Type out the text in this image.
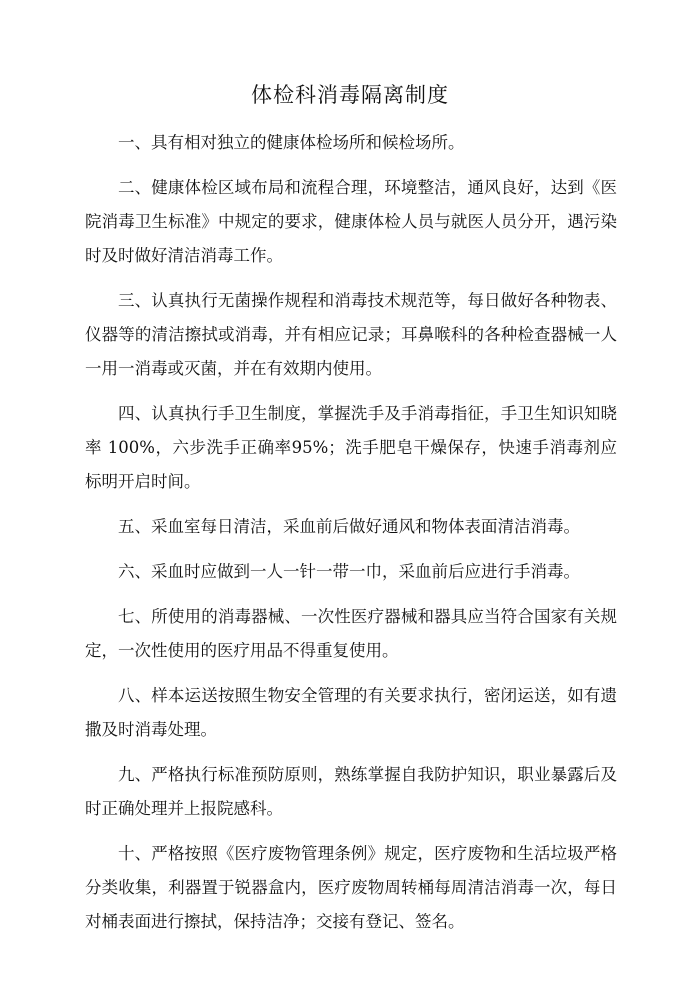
体检科消毒隔离制度

一、具有相对独立的健康体检场所和候检场所。

二、健康体检区域布局和流程合理，环境整洁，通风良好，达到《医院消毒卫生标准》中规定的要求，健康体检人员与就医人员分开，遇污染时及时做好清洁消毒工作。

三、认真执行无菌操作规程和消毒技术规范等，每日做好各种物表、仪器等的清洁擦拭或消毒，并有相应记录；耳鼻喉科的各种检查器械一人一用一消毒或灭菌，并在有效期内使用。

四、认真执行手卫生制度，掌握洗手及手消毒指征，手卫生知识知晓率 100%，六步洗手正确率95%；洗手肥皂干燥保存，快速手消毒剂应标明开启时间。

五、采血室每日清洁，采血前后做好通风和物体表面清洁消毒。

六、采血时应做到一人一针一带一巾，采血前后应进行手消毒。

七、所使用的消毒器械、一次性医疗器械和器具应当符合国家有关规定，一次性使用的医疗用品不得重复使用。

八、样本运送按照生物安全管理的有关要求执行，密闭运送，如有遗撒及时消毒处理。

九、严格执行标准预防原则，熟练掌握自我防护知识，职业暴露后及时正确处理并上报院感科。

十、严格按照《医疗废物管理条例》规定，医疗废物和生活垃圾严格分类收集，利器置于锐器盒内，医疗废物周转桶每周清洁消毒一次，每日对桶表面进行擦拭，保持洁净；交接有登记、签名。
